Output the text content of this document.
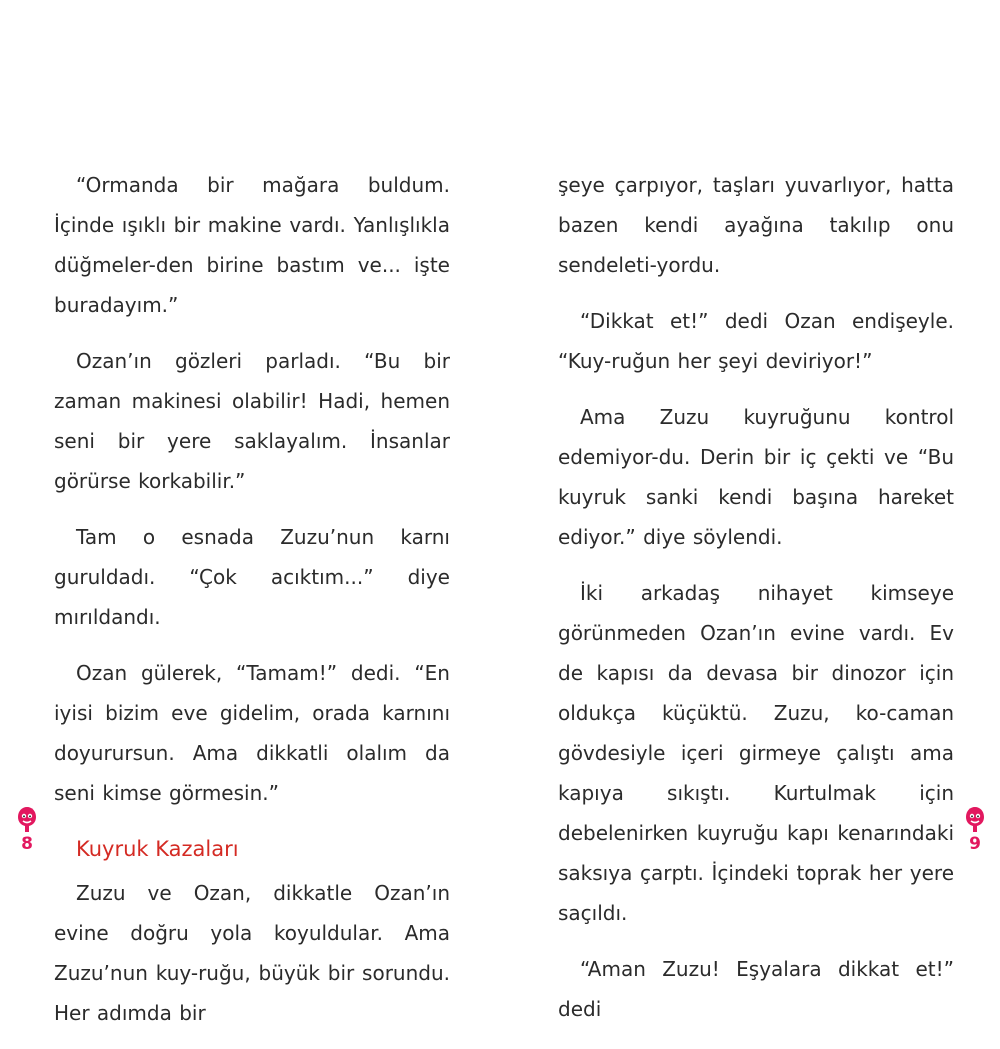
“Ormanda bir mağara buldum. İçinde ışıklı bir makine vardı. Yanlışlıkla düğmeler-den birine bastım ve... işte buradayım.”

Ozan’ın gözleri parladı. “Bu bir zaman makinesi olabilir! Hadi, hemen seni bir yere saklayalım. İnsanlar görürse korkabilir.”

Tam o esnada Zuzu’nun karnı guruldadı. “Çok acıktım...” diye mırıldandı.

Ozan gülerek, “Tamam!” dedi. “En iyisi bizim eve gidelim, orada karnını doyurursun. Ama dikkatli olalım da seni kimse görmesin.”

Kuyruk Kazaları

Zuzu ve Ozan, dikkatle Ozan’ın evine doğru yola koyuldular. Ama Zuzu’nun kuy-ruğu, büyük bir sorundu. Her adımda bir

şeye çarpıyor, taşları yuvarlıyor, hatta bazen kendi ayağına takılıp onu sendeleti-yordu.

“Dikkat et!” dedi Ozan endişeyle. “Kuy-ruğun her şeyi deviriyor!”

Ama Zuzu kuyruğunu kontrol edemiyor-du. Derin bir iç çekti ve “Bu kuyruk sanki kendi başına hareket ediyor.” diye söylendi.

İki arkadaş nihayet kimseye görünmeden Ozan’ın evine vardı. Ev de kapısı da devasa bir dinozor için oldukça küçüktü. Zuzu, ko-caman gövdesiyle içeri girmeye çalıştı ama kapıya sıkıştı. Kurtulmak için debelenirken kuyruğu kapı kenarındaki saksıya çarptı. İçindeki toprak her yere saçıldı.

“Aman Zuzu! Eşyalara dikkat et!” dedi

8	9
